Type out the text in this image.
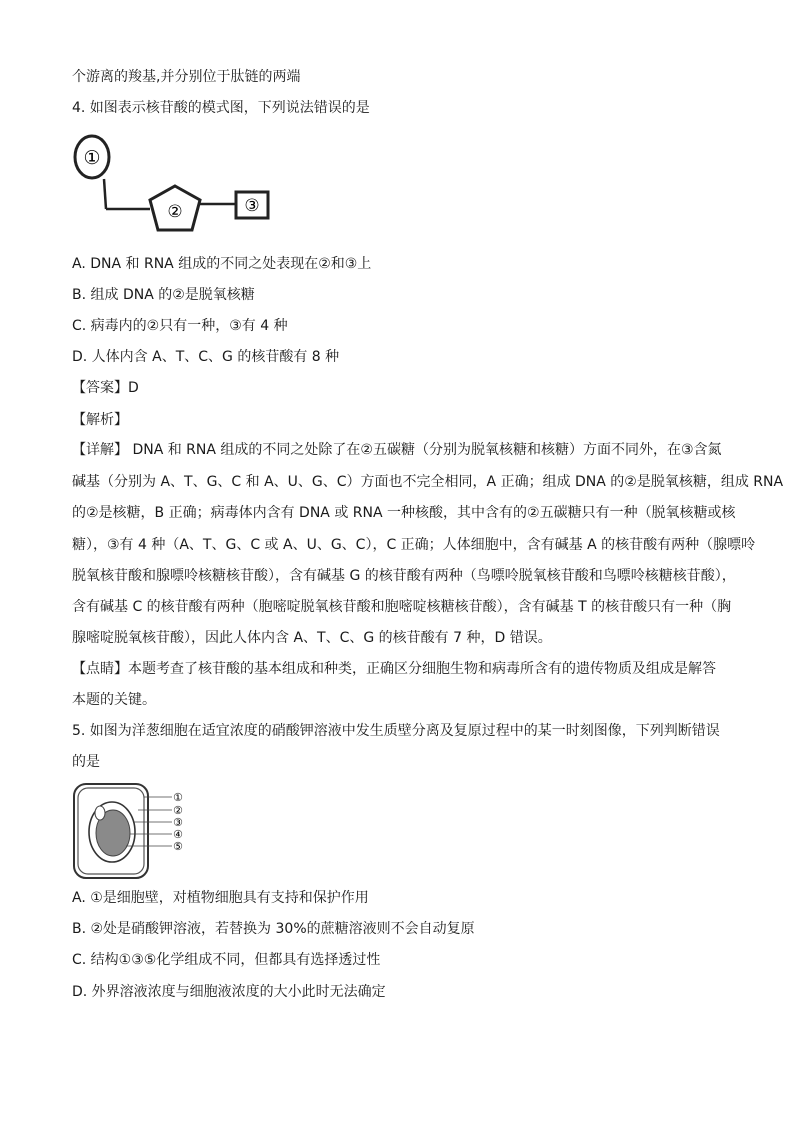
个游离的羧基,并分别位于肽链的两端
4. 如图表示核苷酸的模式图，下列说法错误的是
①
②	③
A. DNA 和 RNA 组成的不同之处表现在②和③上
B. 组成 DNA 的②是脱氧核糖
C. 病毒内的②只有一种，③有 4 种
D. 人体内含 A、T、C、G 的核苷酸有 8 种
【答案】D
【解析】
【详解】 DNA 和 RNA 组成的不同之处除了在②五碳糖（分别为脱氧核糖和核糖）方面不同外，在③含氮
碱基（分别为 A、T、G、C 和 A、U、G、C）方面也不完全相同，A 正确；组成 DNA 的②是脱氧核糖，组成 RNA
的②是核糖，B 正确；病毒体内含有 DNA 或 RNA 一种核酸，其中含有的②五碳糖只有一种（脱氧核糖或核
糖），③有 4 种（A、T、G、C 或 A、U、G、C），C 正确；人体细胞中，含有碱基 A 的核苷酸有两种（腺嘌呤
脱氧核苷酸和腺嘌呤核糖核苷酸），含有碱基 G 的核苷酸有两种（鸟嘌呤脱氧核苷酸和鸟嘌呤核糖核苷酸），
含有碱基 C 的核苷酸有两种（胞嘧啶脱氧核苷酸和胞嘧啶核糖核苷酸），含有碱基 T 的核苷酸只有一种（胸
腺嘧啶脱氧核苷酸），因此人体内含 A、T、C、G 的核苷酸有 7 种，D 错误。
【点睛】本题考查了核苷酸的基本组成和种类，正确区分细胞生物和病毒所含有的遗传物质及组成是解答
本题的关键。
5. 如图为洋葱细胞在适宜浓度的硝酸钾溶液中发生质壁分离及复原过程中的某一时刻图像，下列判断错误
的是
①
②
③
④
⑤
A. ①是细胞壁，对植物细胞具有支持和保护作用
B. ②处是硝酸钾溶液，若替换为 30%的蔗糖溶液则不会自动复原
C. 结构①③⑤化学组成不同，但都具有选择透过性
D. 外界溶液浓度与细胞液浓度的大小此时无法确定
